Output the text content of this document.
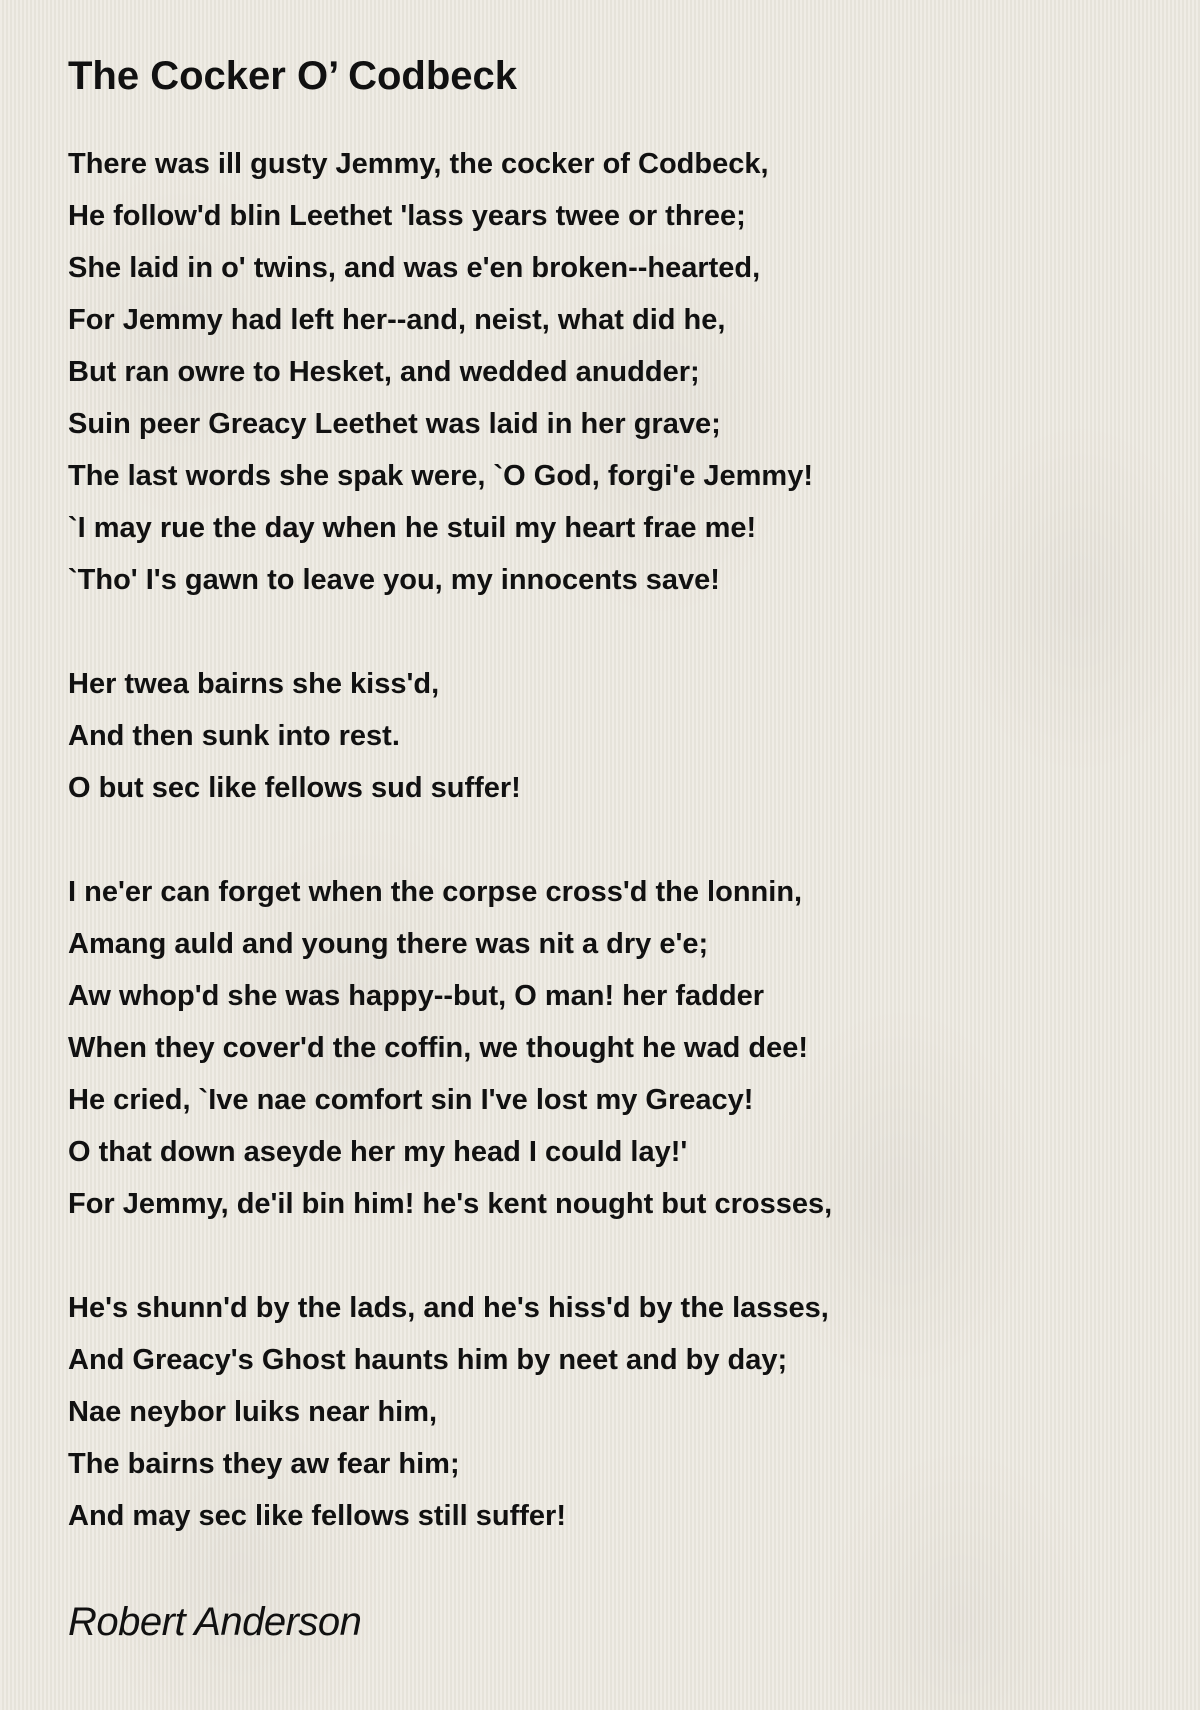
The Cocker O’ Codbeck
There was ill gusty Jemmy, the cocker of Codbeck,
He follow'd blin Leethet 'lass years twee or three;
She laid in o' twins, and was e'en broken--hearted,
For Jemmy had left her--and, neist, what did he,
But ran owre to Hesket, and wedded anudder;
Suin peer Greacy Leethet was laid in her grave;
The last words she spak were, `O God, forgi'e Jemmy!
`I may rue the day when he stuil my heart frae me!
`Tho' I's gawn to leave you, my innocents save!
Her twea bairns she kiss'd,
And then sunk into rest.
O but sec like fellows sud suffer!
I ne'er can forget when the corpse cross'd the lonnin,
Amang auld and young there was nit a dry e'e;
Aw whop'd she was happy--but, O man! her fadder
When they cover'd the coffin, we thought he wad dee!
He cried, `Ive nae comfort sin I've lost my Greacy!
O that down aseyde her my head I could lay!'
For Jemmy, de'il bin him! he's kent nought but crosses,
He's shunn'd by the lads, and he's hiss'd by the lasses,
And Greacy's Ghost haunts him by neet and by day;
Nae neybor luiks near him,
The bairns they aw fear him;
And may sec like fellows still suffer!
Robert Anderson
